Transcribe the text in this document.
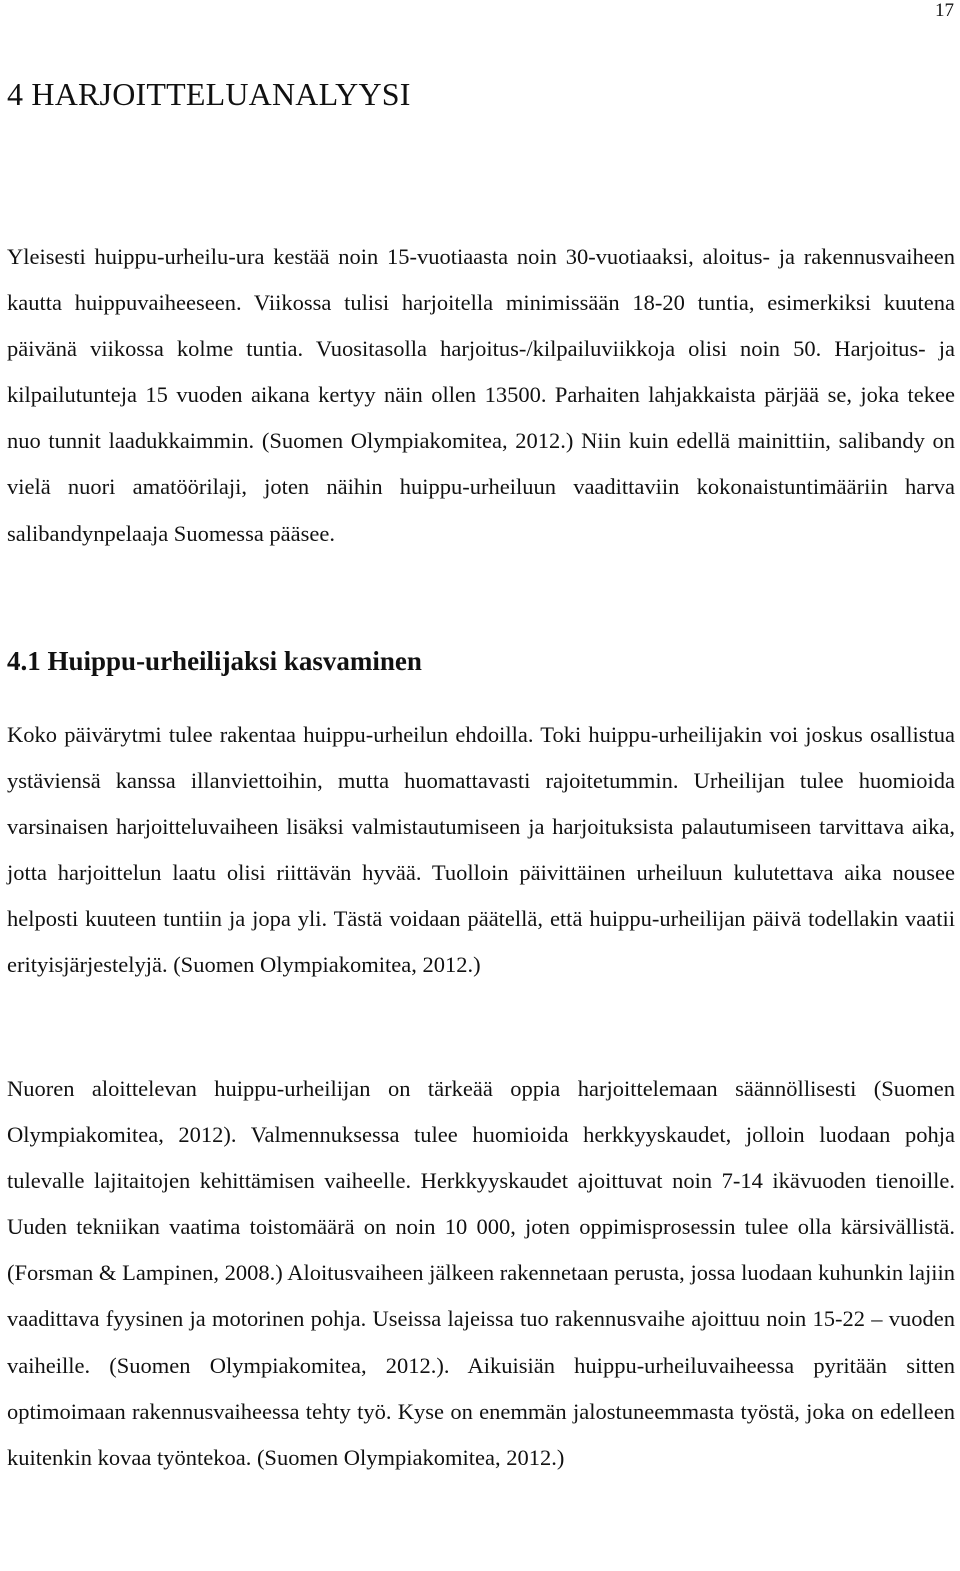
17
4 HARJOITTELUANALYYSI

Yleisesti huippu-urheilu-ura kestää noin 15-vuotiaasta noin 30-vuotiaaksi, aloitus- ja rakennusvaiheen kautta huippuvaiheeseen. Viikossa tulisi harjoitella minimissään 18-20 tuntia, esimerkiksi kuutena päivänä viikossa kolme tuntia. Vuositasolla harjoitus-/kilpailuviikkoja olisi noin 50. Harjoitus- ja kilpailutunteja 15 vuoden aikana kertyy näin ollen 13500. Parhaiten lahjakkaista pärjää se, joka tekee nuo tunnit laadukkaimmin. (Suomen Olympiakomitea, 2012.) Niin kuin edellä mainittiin, salibandy on vielä nuori amatöörilaji, joten näihin huippu-urheiluun vaadittaviin kokonaistuntimääriin harva salibandynpelaaja Suomessa pääsee.

4.1 Huippu-urheilijaksi kasvaminen

Koko päivärytmi tulee rakentaa huippu-urheilun ehdoilla. Toki huippu-urheilijakin voi joskus osallistua ystäviensä kanssa illanviettoihin, mutta huomattavasti rajoitetummin. Urheilijan tulee huomioida varsinaisen harjoitteluvaiheen lisäksi valmistautumiseen ja harjoituksista palautumiseen tarvittava aika, jotta harjoittelun laatu olisi riittävän hyvää. Tuolloin päivittäinen urheiluun kulutettava aika nousee helposti kuuteen tuntiin ja jopa yli. Tästä voidaan päätellä, että huippu-urheilijan päivä todellakin vaatii erityisjärjestelyjä. (Suomen Olympiakomitea, 2012.)

Nuoren aloittelevan huippu-urheilijan on tärkeää oppia harjoittelemaan säännöllisesti (Suomen Olympiakomitea, 2012). Valmennuksessa tulee huomioida herkkyyskaudet, jolloin luodaan pohja tulevalle lajitaitojen kehittämisen vaiheelle. Herkkyyskaudet ajoittuvat noin 7-14 ikävuoden tienoille. Uuden tekniikan vaatima toistomäärä on noin 10 000, joten oppimisprosessin tulee olla kärsivällistä. (Forsman & Lampinen, 2008.) Aloitusvaiheen jälkeen rakennetaan perusta, jossa luodaan kuhunkin lajiin vaadittava fyysinen ja motorinen pohja. Useissa lajeissa tuo rakennusvaihe ajoittuu noin 15-22 – vuoden vaiheille. (Suomen Olympiakomitea, 2012.). Aikuisiän huippu-urheiluvaiheessa pyritään sitten optimoimaan rakennusvaiheessa tehty työ. Kyse on enemmän jalostuneemmasta työstä, joka on edelleen kuitenkin kovaa työntekoa. (Suomen Olympiakomitea, 2012.)
